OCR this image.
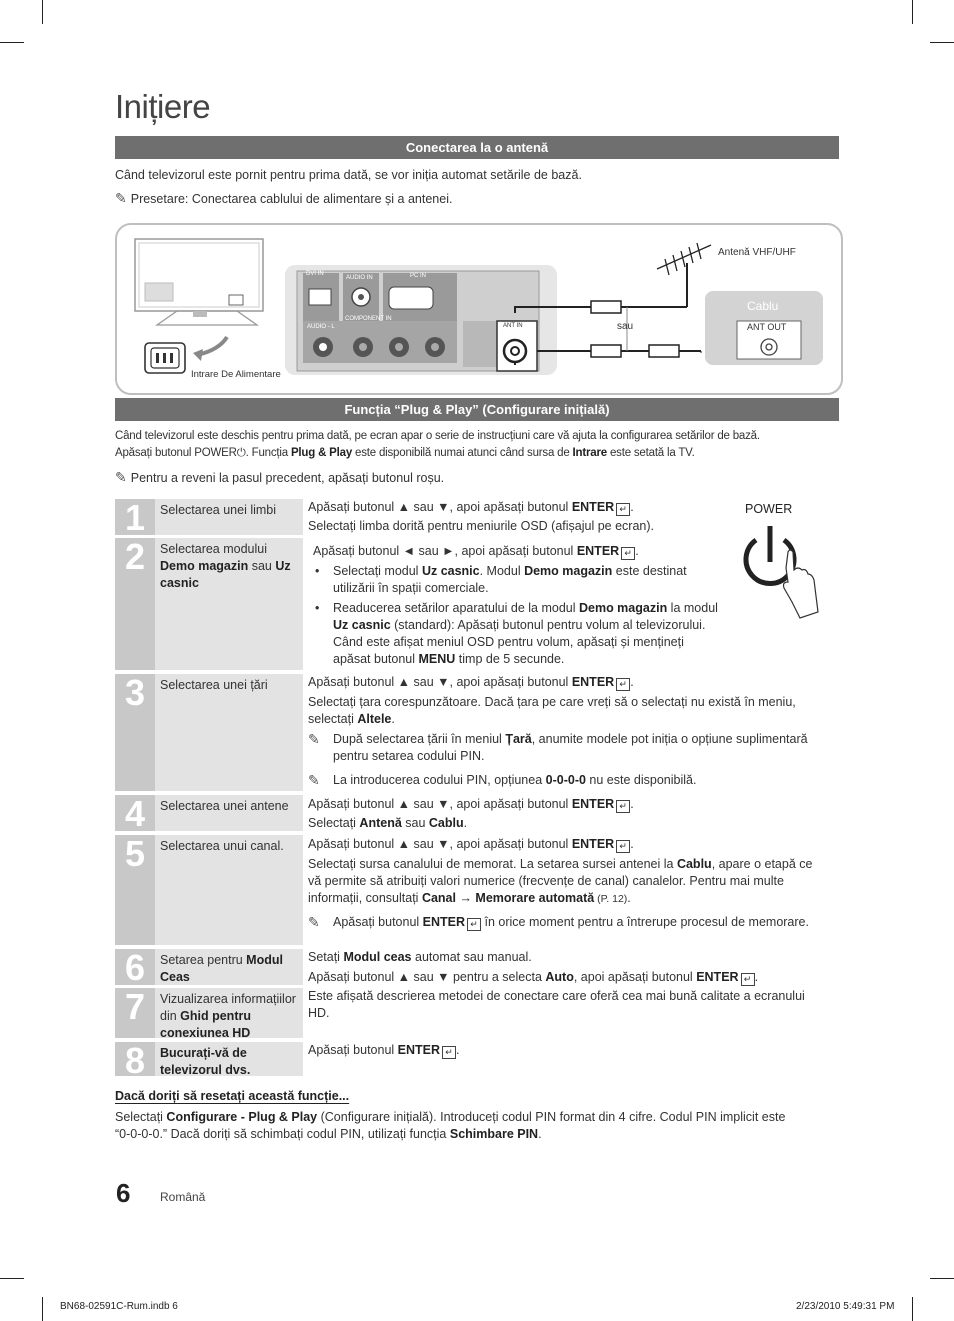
Inițiere
Conectarea la o antenă
Când televizorul este pornit pentru prima dată, se vor iniția automat setările de bază.
✎ Presetare: Conectarea cablului de alimentare și a antenei.
Antenă VHF/UHF
Cablu
ANT OUT
sau
ANT IN
Intrare De Alimentare
DVI IN
AUDIO IN	PC IN
COMPONENT IN
AUDIO - L
Funcția “Plug & Play” (Configurare inițială)
Când televizorul este deschis pentru prima dată, pe ecran apar o serie de instrucțiuni care vă ajuta la configurarea setărilor de bază.
Apăsați butonul POWER⏻. Funcția Plug & Play este disponibilă numai atunci când sursa de Intrare este setată la TV.
✎ Pentru a reveni la pasul precedent, apăsați butonul roșu.
POWER
1	Selectarea unei limbi	Apăsați butonul ▲ sau ▼, apoi apăsați butonul ENTER ↵ .
Selectați limba dorită pentru meniurile OSD (afișajul pe ecran).
2	Selectarea modului Demo magazin sau Uz casnic
Apăsați butonul ◄ sau ►, apoi apăsați butonul ENTER ↵ .
• Selectați modul Uz casnic. Modul Demo magazin este destinat utilizării în spații comerciale.
• Readucerea setărilor aparatului de la modul Demo magazin la modul Uz casnic (standard): Apăsați butonul pentru volum al televizorului. Când este afișat meniul OSD pentru volum, apăsați și mențineți apăsat butonul MENU timp de 5 secunde.
3	Selectarea unei țări	Apăsați butonul ▲ sau ▼, apoi apăsați butonul ENTER ↵ .
Selectați țara corespunzătoare. Dacă țara pe care vreți să o selectați nu există în meniu, selectați Altele.
✎ După selectarea țării în meniul Țară, anumite modele pot iniția o opțiune suplimentară pentru setarea codului PIN.
✎ La introducerea codului PIN, opțiunea 0-0-0-0 nu este disponibilă.
4	Selectarea unei antene	Apăsați butonul ▲ sau ▼, apoi apăsați butonul ENTER ↵ .
Selectați Antenă sau Cablu.
5	Selectarea unui canal.	Apăsați butonul ▲ sau ▼, apoi apăsați butonul ENTER ↵ .
Selectați sursa canalului de memorat. La setarea sursei antenei la Cablu, apare o etapă ce vă permite să atribuiți valori numerice (frecvențe de canal) canalelor. Pentru mai multe informații, consultați Canal → Memorare automată (P. 12).
✎ Apăsați butonul ENTER ↵ în orice moment pentru a întrerupe procesul de memorare.
6	Setarea pentru Modul Ceas
Setați Modul ceas automat sau manual.
Apăsați butonul ▲ sau ▼ pentru a selecta Auto, apoi apăsați butonul ENTER ↵ .
7	Vizualizarea informațiilor din Ghid pentru conexiunea HD
Este afișată descrierea metodei de conectare care oferă cea mai bună calitate a ecranului HD.
8	Bucurați-vă de televizorul dvs.
Apăsați butonul ENTER ↵ .
Dacă doriți să resetați această funcție...
Selectați Configurare - Plug & Play (Configurare inițială). Introduceți codul PIN format din 4 cifre. Codul PIN implicit este
“0-0-0-0.” Dacă doriți să schimbați codul PIN, utilizați funcția Schimbare PIN.
6 Română
BN68-02591C-Rum.indb 6	2/23/2010 5:49:31 PM
